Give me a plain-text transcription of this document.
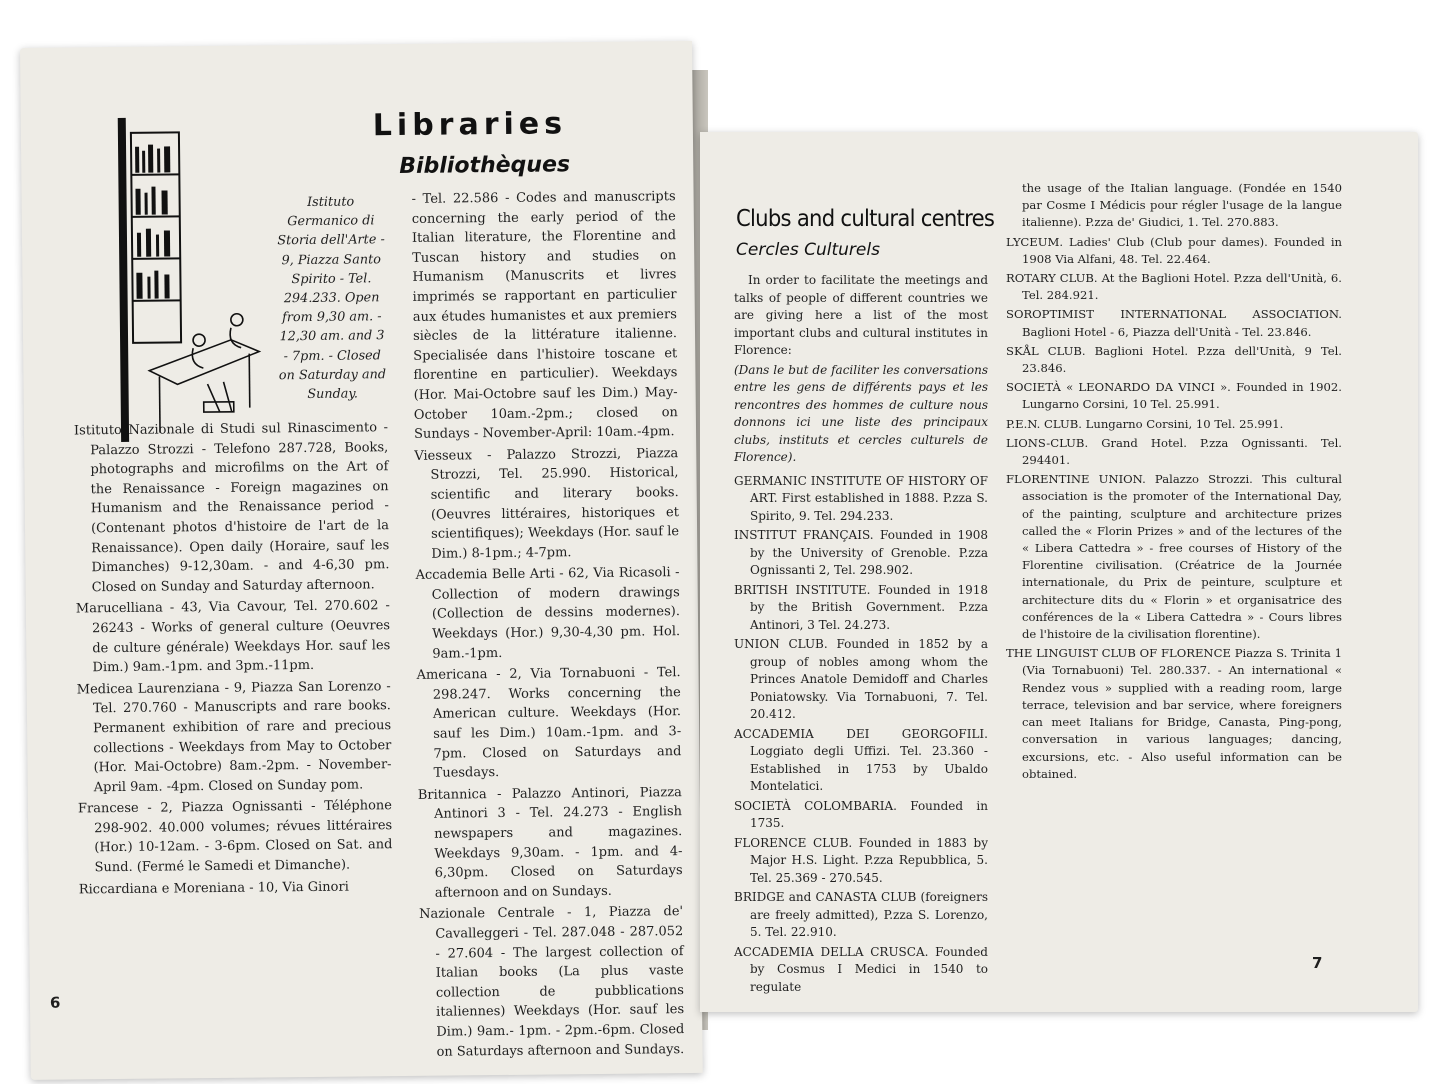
Libraries
Bibliothèques
Istituto Germanico di Storia dell'Arte - 9, Piazza Santo Spirito - Tel. 294.233. Open from 9,30 am. - 12,30 am. and 3 - 7pm. - Closed on Saturday and Sunday.

Istituto Nazionale di Studi sul Rinascimento - Palazzo Strozzi - Telefono 287.728, Books, photographs and microfilms on the Art of the Renaissance - Foreign magazines on Humanism and the Renaissance period - (Contenant photos d'histoire de l'art de la Renaissance). Open daily (Horaire, sauf les Dimanches) 9-12,30am. - and 4-6,30 pm. Closed on Sunday and Saturday afternoon.

Marucelliana - 43, Via Cavour, Tel. 270.602 - 26243 - Works of general culture (Oeuvres de culture générale) Weekdays Hor. sauf les Dim.) 9am.-1pm. and 3pm.-11pm.

Medicea Laurenziana - 9, Piazza San Lorenzo - Tel. 270.760 - Manuscripts and rare books. Permanent exhibition of rare and precious collections - Weekdays from May to October (Hor. Mai-Octobre) 8am.-2pm. - November-April 9am. -4pm. Closed on Sunday pom.

Francese - 2, Piazza Ognissanti - Téléphone 298-902. 40.000 volumes; révues littéraires (Hor.) 10-12am. - 3-6pm. Closed on Sat. and Sund. (Fermé le Samedi et Dimanche).

Riccardiana e Moreniana - 10, Via Ginori

- Tel. 22.586 - Codes and manuscripts concerning the early period of the Italian literature, the Florentine and Tuscan history and studies on Humanism (Manuscrits et livres imprimés se rapportant en particulier aux études humanistes et aux premiers siècles de la littérature italienne. Specialisée dans l'histoire toscane et florentine en particulier). Weekdays (Hor. Mai-Octobre sauf les Dim.) May-October 10am.-2pm.; closed on Sundays - November-April: 10am.-4pm.

Viesseux - Palazzo Strozzi, Piazza Strozzi, Tel. 25.990. Historical, scientific and literary books. (Oeuvres littéraires, historiques et scientifiques); Weekdays (Hor. sauf le Dim.) 8-1pm.; 4-7pm.

Accademia Belle Arti - 62, Via Ricasoli - Collection of modern drawings (Collection de dessins modernes). Weekdays (Hor.) 9,30-4,30 pm. Hol. 9am.-1pm.

Americana - 2, Via Tornabuoni - Tel. 298.247. Works concerning the American culture. Weekdays (Hor. sauf les Dim.) 10am.-1pm. and 3-7pm. Closed on Saturdays and Tuesdays.

Britannica - Palazzo Antinori, Piazza Antinori 3 - Tel. 24.273 - English newspapers and magazines. Weekdays 9,30am. - 1pm. and 4-6,30pm. Closed on Saturdays afternoon and on Sundays.

Nazionale Centrale - 1, Piazza de' Cavalleggeri - Tel. 287.048 - 287.052 - 27.604 - The largest collection of Italian books (La plus vaste collection de pubblications italiennes) Weekdays (Hor. sauf les Dim.) 9am.- 1pm. - 2pm.-6pm. Closed on Saturdays afternoon and Sundays.

6
Clubs and cultural centres
Cercles Culturels

In order to facilitate the meetings and talks of people of different countries we are giving here a list of the most important clubs and cultural institutes in Florence:

(Dans le but de faciliter les conversations entre les gens de différents pays et les rencontres des hommes de culture nous donnons ici une liste des principaux clubs, instituts et cercles culturels de Florence).

GERMANIC INSTITUTE OF HISTORY OF ART. First established in 1888. P.zza S. Spirito, 9. Tel. 294.233.

INSTITUT FRANÇAIS. Founded in 1908 by the University of Grenoble. P.zza Ognissanti 2, Tel. 298.902.

BRITISH INSTITUTE. Founded in 1918 by the British Government. P.zza Antinori, 3 Tel. 24.273.

UNION CLUB. Founded in 1852 by a group of nobles among whom the Princes Anatole Demidoff and Charles Poniatowsky. Via Tornabuoni, 7. Tel. 20.412.

ACCADEMIA DEI GEORGOFILI. Loggiato degli Uffizi. Tel. 23.360 - Established in 1753 by Ubaldo Montelatici.

SOCIETÀ COLOMBARIA. Founded in 1735.

FLORENCE CLUB. Founded in 1883 by Major H.S. Light. P.zza Repubblica, 5. Tel. 25.369 - 270.545.

BRIDGE and CANASTA CLUB (foreigners are freely admitted), P.zza S. Lorenzo, 5. Tel. 22.910.

ACCADEMIA DELLA CRUSCA. Founded by Cosmus I Medici in 1540 to regulate

the usage of the Italian language. (Fondée en 1540 par Cosme I Médicis pour régler l'usage de la langue italienne). P.zza de' Giudici, 1. Tel. 270.883.

LYCEUM. Ladies' Club (Club pour dames). Founded in 1908 Via Alfani, 48. Tel. 22.464.

ROTARY CLUB. At the Baglioni Hotel. P.zza dell'Unità, 6. Tel. 284.921.

SOROPTIMIST INTERNATIONAL ASSOCIATION. Baglioni Hotel - 6, Piazza dell'Unità - Tel. 23.846.

SKÅL CLUB. Baglioni Hotel. P.zza dell'Unità, 9 Tel. 23.846.

SOCIETÀ « LEONARDO DA VINCI ». Founded in 1902. Lungarno Corsini, 10 Tel. 25.991.

P.E.N. CLUB. Lungarno Corsini, 10 Tel. 25.991.

LIONS-CLUB. Grand Hotel. P.zza Ognissanti. Tel. 294401.

FLORENTINE UNION. Palazzo Strozzi. This cultural association is the promoter of the International Day, of the painting, sculpture and architecture prizes called the « Florin Prizes » and of the lectures of the « Libera Cattedra » - free courses of History of the Florentine civilisation. (Créatrice de la Journée internationale, du Prix de peinture, sculpture et architecture dits du « Florin » et organisatrice des conférences de la « Libera Cattedra » - Cours libres de l'histoire de la civilisation florentine).

THE LINGUIST CLUB OF FLORENCE Piazza S. Trinita 1 (Via Tornabuoni) Tel. 280.337. - An international « Rendez vous » supplied with a reading room, large terrace, television and bar service, where foreigners can meet Italians for Bridge, Canasta, Ping-pong, conversation in various languages; dancing, excursions, etc. - Also useful information can be obtained.

7
